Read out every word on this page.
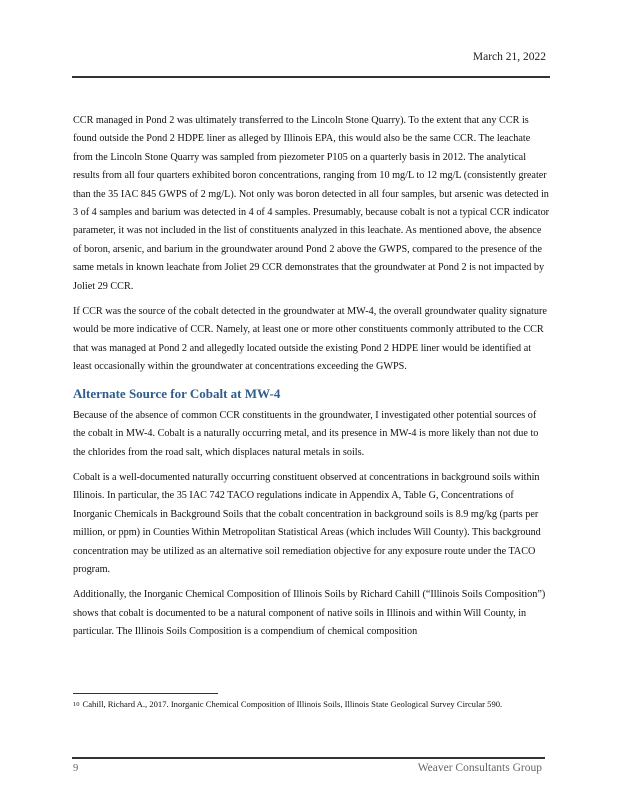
March 21, 2022

CCR managed in Pond 2 was ultimately transferred to the Lincoln Stone Quarry). To the extent that any CCR is found outside the Pond 2 HDPE liner as alleged by Illinois EPA, this would also be the same CCR. The leachate from the Lincoln Stone Quarry was sampled from piezometer P105 on a quarterly basis in 2012. The analytical results from all four quarters exhibited boron concentrations, ranging from 10 mg/L to 12 mg/L (consistently greater than the 35 IAC 845 GWPS of 2 mg/L). Not only was boron detected in all four samples, but arsenic was detected in 3 of 4 samples and barium was detected in 4 of 4 samples. Presumably, because cobalt is not a typical CCR indicator parameter, it was not included in the list of constituents analyzed in this leachate. As mentioned above, the absence of boron, arsenic, and barium in the groundwater around Pond 2 above the GWPS, compared to the presence of the same metals in known leachate from Joliet 29 CCR demonstrates that the groundwater at Pond 2 is not impacted by Joliet 29 CCR.

If CCR was the source of the cobalt detected in the groundwater at MW-4, the overall groundwater quality signature would be more indicative of CCR. Namely, at least one or more other constituents commonly attributed to the CCR that was managed at Pond 2 and allegedly located outside the existing Pond 2 HDPE liner would be identified at least occasionally within the groundwater at concentrations exceeding the GWPS.

Alternate Source for Cobalt at MW-4

Because of the absence of common CCR constituents in the groundwater, I investigated other potential sources of the cobalt in MW-4. Cobalt is a naturally occurring metal, and its presence in MW-4 is more likely than not due to the chlorides from the road salt, which displaces natural metals in soils.

Cobalt is a well-documented naturally occurring constituent observed at concentrations in background soils within Illinois. In particular, the 35 IAC 742 TACO regulations indicate in Appendix A, Table G, Concentrations of Inorganic Chemicals in Background Soils that the cobalt concentration in background soils is 8.9 mg/kg (parts per million, or ppm) in Counties Within Metropolitan Statistical Areas (which includes Will County). This background concentration may be utilized as an alternative soil remediation objective for any exposure route under the TACO program.

Additionally, the Inorganic Chemical Composition of Illinois Soils by Richard Cahill (“Illinois Soils Composition”) shows that cobalt is documented to be a natural component of native soils in Illinois and within Will County, in particular. The Illinois Soils Composition is a compendium of chemical composition

$^{10}$ Cahill, Richard A., 2017. Inorganic Chemical Composition of Illinois Soils, Illinois State Geological Survey Circular 590.
9	Weaver Consultants Group
